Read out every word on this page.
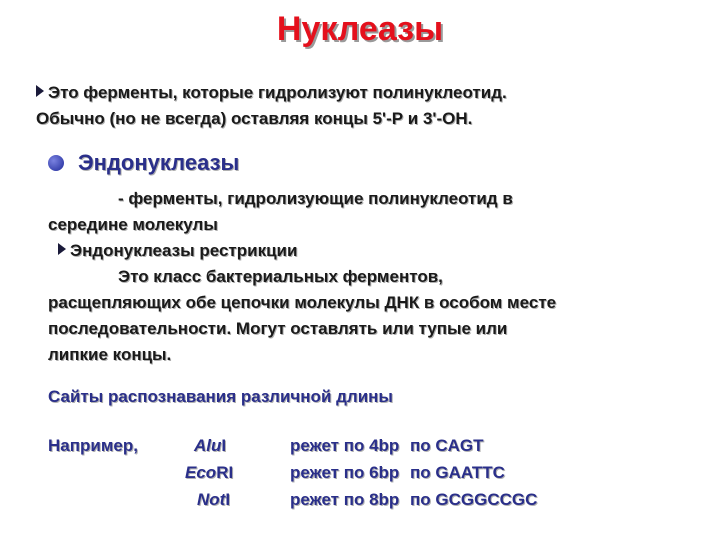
Нуклеазы
Это ферменты, которые гидролизуют полинуклеотид.
Обычно (но не всегда) оставляя концы 5'-Р и 3'-ОН.
Эндонуклеазы
- ферменты, гидролизующие полинуклеотид в
середине молекулы
Эндонуклеазы рестрикции
Это класс бактериальных ферментов,
расщепляющих обе цепочки молекулы ДНК в особом месте
последовательности. Могут оставлять или тупые или
липкие концы.
Сайты распознавания различной длины
Например,	AluI	режет по 4bp по CAGT
EcoRI	режет по 6bp по GAATTC
NotI	режет по 8bp по GCGGCCGC
